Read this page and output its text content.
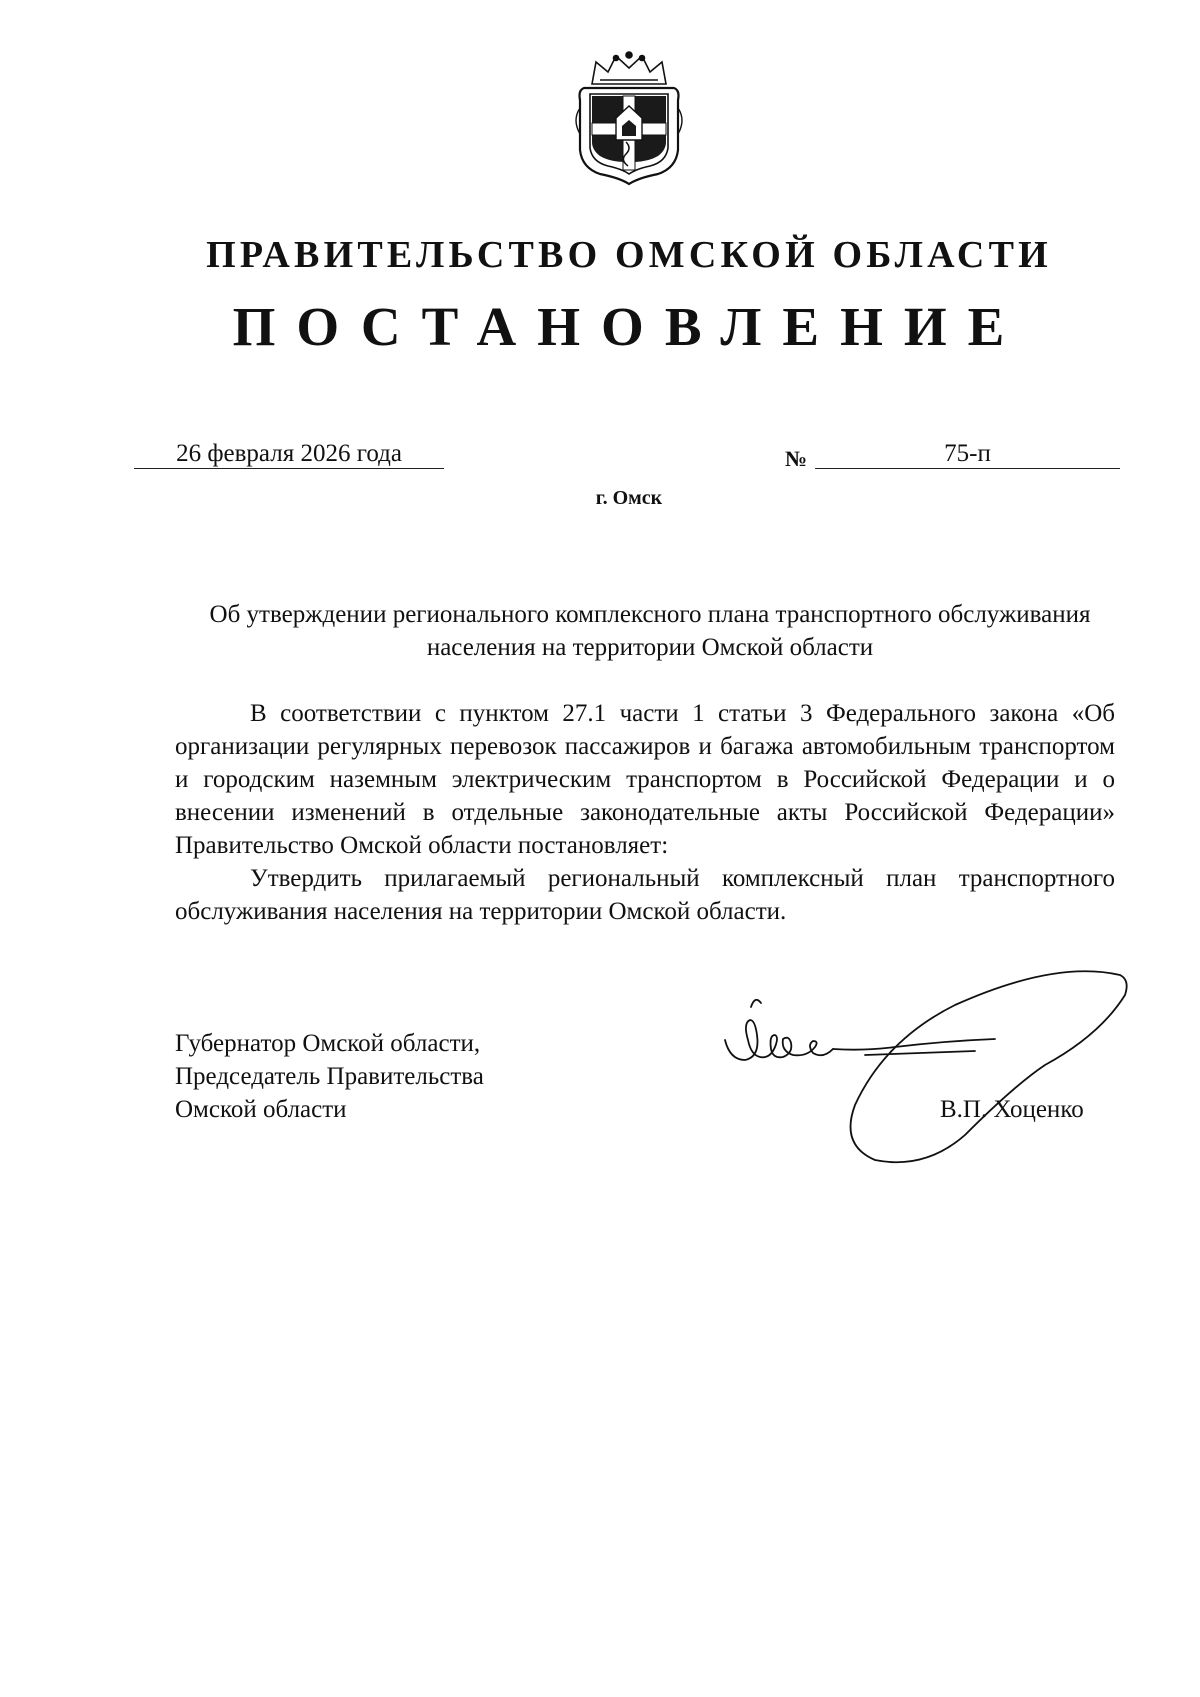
ПРАВИТЕЛЬСТВО ОМСКОЙ ОБЛАСТИ
ПОСТАНОВЛЕНИЕ
26 февраля 2026 года	№	75-п
г. Омск
Об утверждении регионального комплексного плана транспортного обслуживания населения на территории Омской области

В соответствии с пунктом 27.1 части 1 статьи 3 Федерального закона «Об организации регулярных перевозок пассажиров и багажа автомобильным транспортом и городским наземным электрическим транспортом в Российской Федерации и о внесении изменений в отдельные законодательные акты Российской Федерации» Правительство Омской области постановляет:

Утвердить прилагаемый региональный комплексный план транспортного обслуживания населения на территории Омской области.

Губернатор Омской области,
Председатель Правительства
Омской области	В.П. Хоценко
